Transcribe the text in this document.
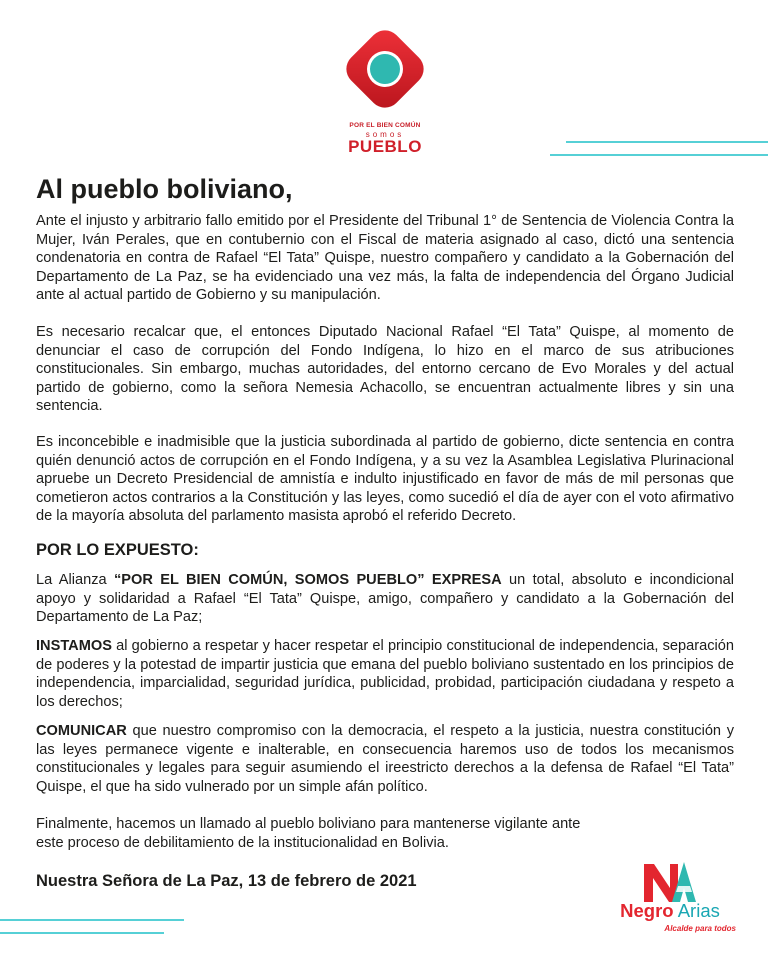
POR EL BIEN COMÚN
somos
PUEBLO
Al pueblo boliviano,

Ante el injusto y arbitrario fallo emitido por el Presidente del Tribunal 1° de Sentencia de Violencia Contra la Mujer, Iván Perales, que en contubernio con el Fiscal de materia asignado al caso, dictó una sentencia condenatoria en contra de Rafael “El Tata” Quispe, nuestro compañero y candidato a la Gobernación del Departamento de La Paz, se ha evidenciado una vez más, la falta de independencia del Órgano Judicial ante al actual partido de Gobierno y su manipulación.

Es necesario recalcar que, el entonces Diputado Nacional Rafael “El Tata” Quispe, al momento de denunciar el caso de corrupción del Fondo Indígena, lo hizo en el marco de sus atribuciones constitucionales. Sin embargo, muchas autoridades, del entorno cercano de Evo Morales y del actual partido de gobierno, como la señora Nemesia Achacollo, se encuentran actualmente libres y sin una sentencia.

Es inconcebible e inadmisible que la justicia subordinada al partido de gobierno, dicte sentencia en contra quién denunció actos de corrupción en el Fondo Indígena, y a su vez la Asamblea Legislativa Plurinacional apruebe un Decreto Presidencial de amnistía e indulto injustificado en favor de más de mil personas que cometieron actos contrarios a la Constitución y las leyes, como sucedió el día de ayer con el voto afirmativo de la mayoría absoluta del parlamento masista aprobó el referido Decreto.

POR LO EXPUESTO:

La Alianza “POR EL BIEN COMÚN, SOMOS PUEBLO” EXPRESA un total, absoluto e incondicional apoyo y solidaridad a Rafael “El Tata” Quispe, amigo, compañero y candidato a la Gobernación del Departamento de La Paz;

INSTAMOS al gobierno a respetar y hacer respetar el principio constitucional de independencia, separación de poderes y la potestad de impartir justicia que emana del pueblo boliviano sustentado en los principios de independencia, imparcialidad, seguridad jurídica, publicidad, probidad, participación ciudadana y respeto a los derechos;

COMUNICAR que nuestro compromiso con la democracia, el respeto a la justicia, nuestra constitución y las leyes permanece vigente e inalterable, en consecuencia haremos uso de todos los mecanismos constitucionales y legales para seguir asumiendo el ireestricto derechos a la defensa de Rafael “El Tata” Quispe, el que ha sido vulnerado por un simple afán político.

Finalmente, hacemos un llamado al pueblo boliviano para mantenerse vigilante ante
este proceso de debilitamiento de la institucionalidad en Bolivia.

Nuestra Señora de La Paz, 13 de febrero de 2021
Negro Arias
Alcalde para todos
